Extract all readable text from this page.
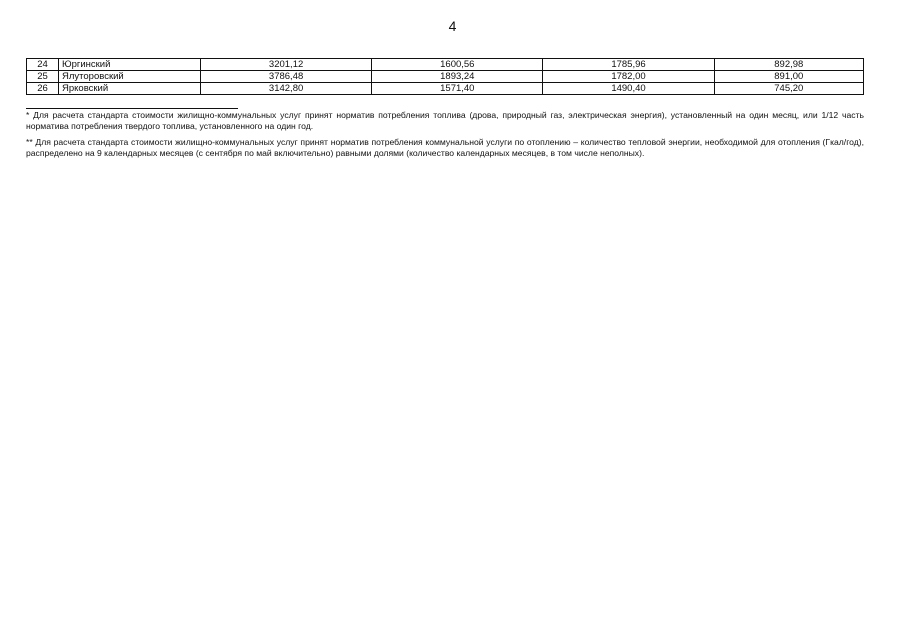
4
24	Юргинский	3201,12	1600,56	1785,96	892,98
25	Ялуторовский	3786,48	1893,24	1782,00	891,00
26	Ярковский	3142,80	1571,40	1490,40	745,20

* Для расчета стандарта стоимости жилищно-коммунальных услуг принят норматив потребления топлива (дрова, природный газ, электрическая энергия), установленный на один месяц, или 1/12 часть норматива потребления твердого топлива, установленного на один год.

** Для расчета стандарта стоимости жилищно-коммунальных услуг принят норматив потребления коммунальной услуги по отоплению – количество тепловой энергии, необходимой для отопления (Гкал/год), распределено на 9 календарных месяцев (с сентября по май включительно) равными долями (количество календарных месяцев, в том числе неполных).
